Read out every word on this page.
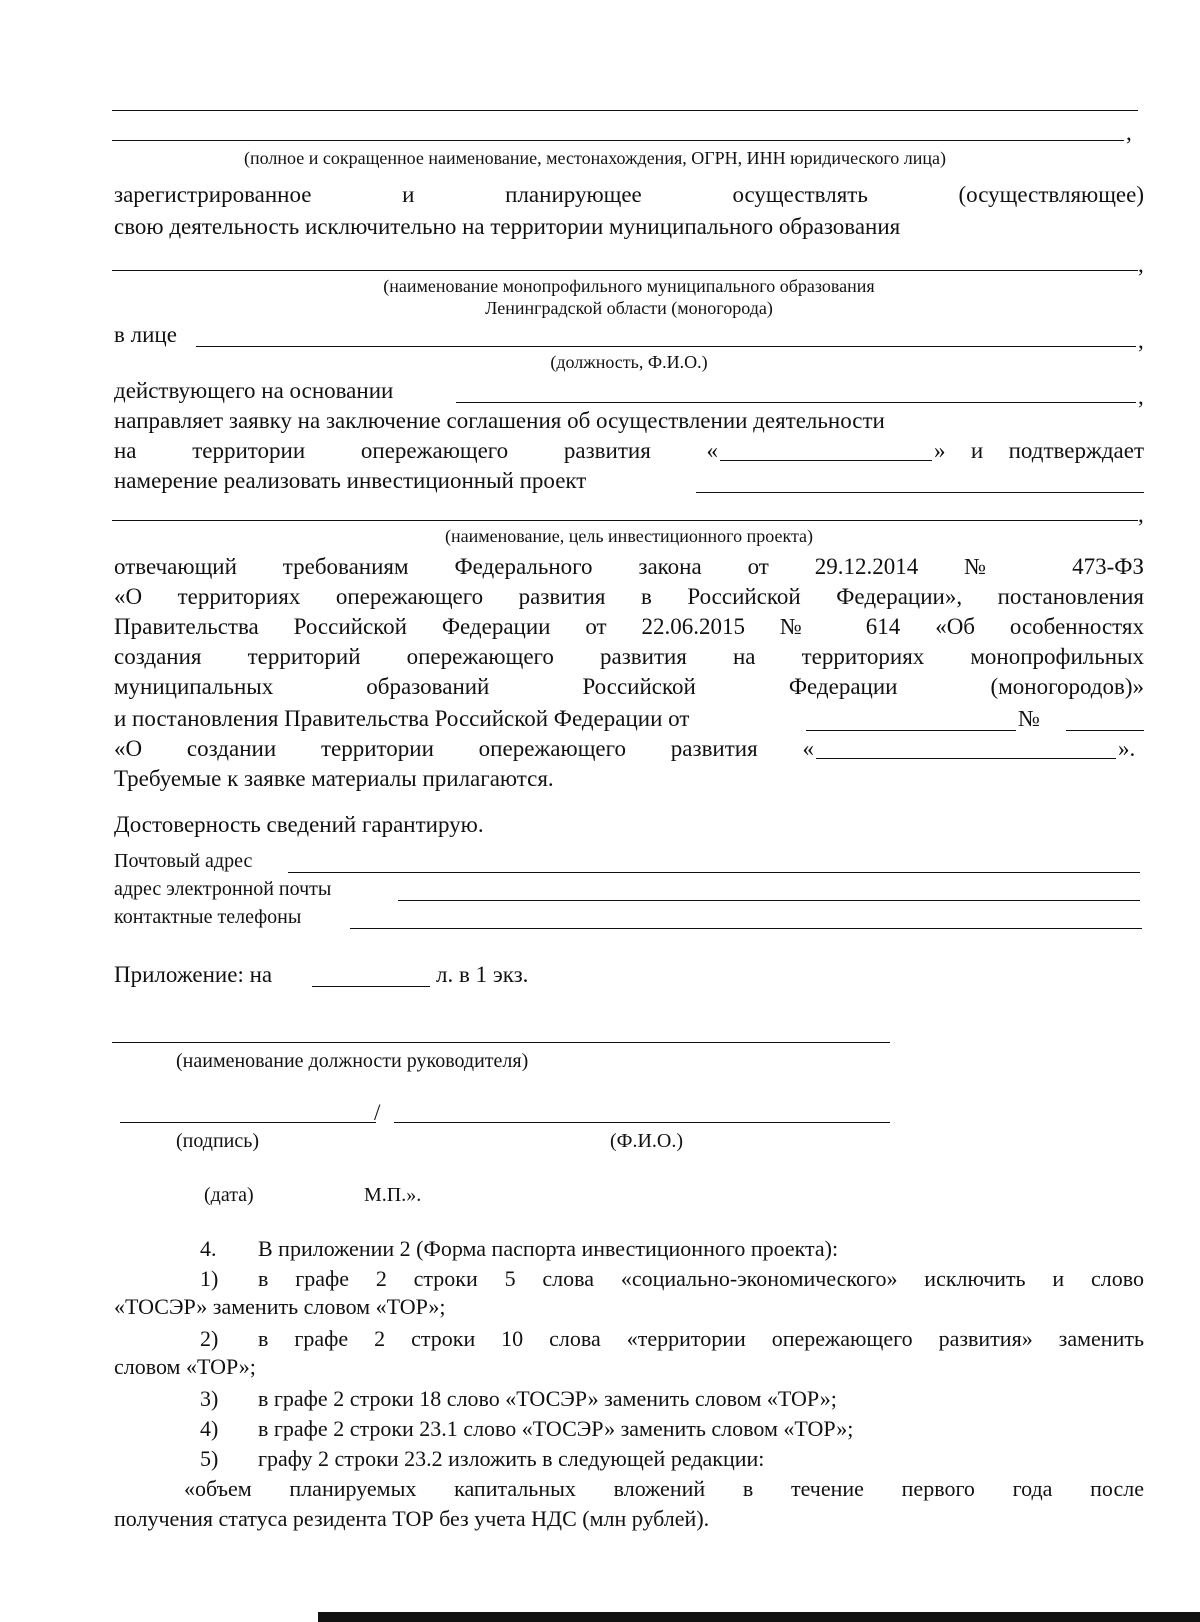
,
(полное и сокращенное наименование, местонахождения, ОГРН, ИНН юридического лица)
зарегистрированное и планирующее осуществлять (осуществляющее)
свою деятельность исключительно на территории муниципального образования
,
(наименование монопрофильного муниципального образования
Ленинградской области (моногорода)
в лице	,
(должность, Ф.И.О.)
действующего на основании	,
направляет заявку на заключение соглашения об осуществлении деятельности
на территории опережающего развития «	» и подтверждает
намерение реализовать инвестиционный проект
,
(наименование, цель инвестиционного проекта)
отвечающий требованиям Федерального закона от 29.12.2014 № 473-ФЗ
«О территориях опережающего развития в Российской Федерации», постановления
Правительства Российской Федерации от 22.06.2015 № 614 «Об особенностях
создания территорий опережающего развития на территориях монопрофильных
муниципальных образований Российской Федерации (моногородов)»
и постановления Правительства Российской Федерации от	№
«О создании территории опережающего развития «	».
Требуемые к заявке материалы прилагаются.
Достоверность сведений гарантирую.
Почтовый адрес
адрес электронной почты
контактные телефоны
Приложение: на	л. в 1 экз.
(наименование должности руководителя)
/
(подпись)	(Ф.И.О.)
(дата)	М.П.».
4. В приложении 2 (Форма паспорта инвестиционного проекта):
1) в графе 2 строки 5 слова «социально-экономического» исключить и слово
«ТОСЭР» заменить словом «ТОР»;
2) в графе 2 строки 10 слова «территории опережающего развития» заменить
словом «ТОР»;
3) в графе 2 строки 18 слово «ТОСЭР» заменить словом «ТОР»;
4) в графе 2 строки 23.1 слово «ТОСЭР» заменить словом «ТОР»;
5) графу 2 строки 23.2 изложить в следующей редакции:
«объем планируемых капитальных вложений в течение первого года после
получения статуса резидента ТОР без учета НДС (млн рублей).
